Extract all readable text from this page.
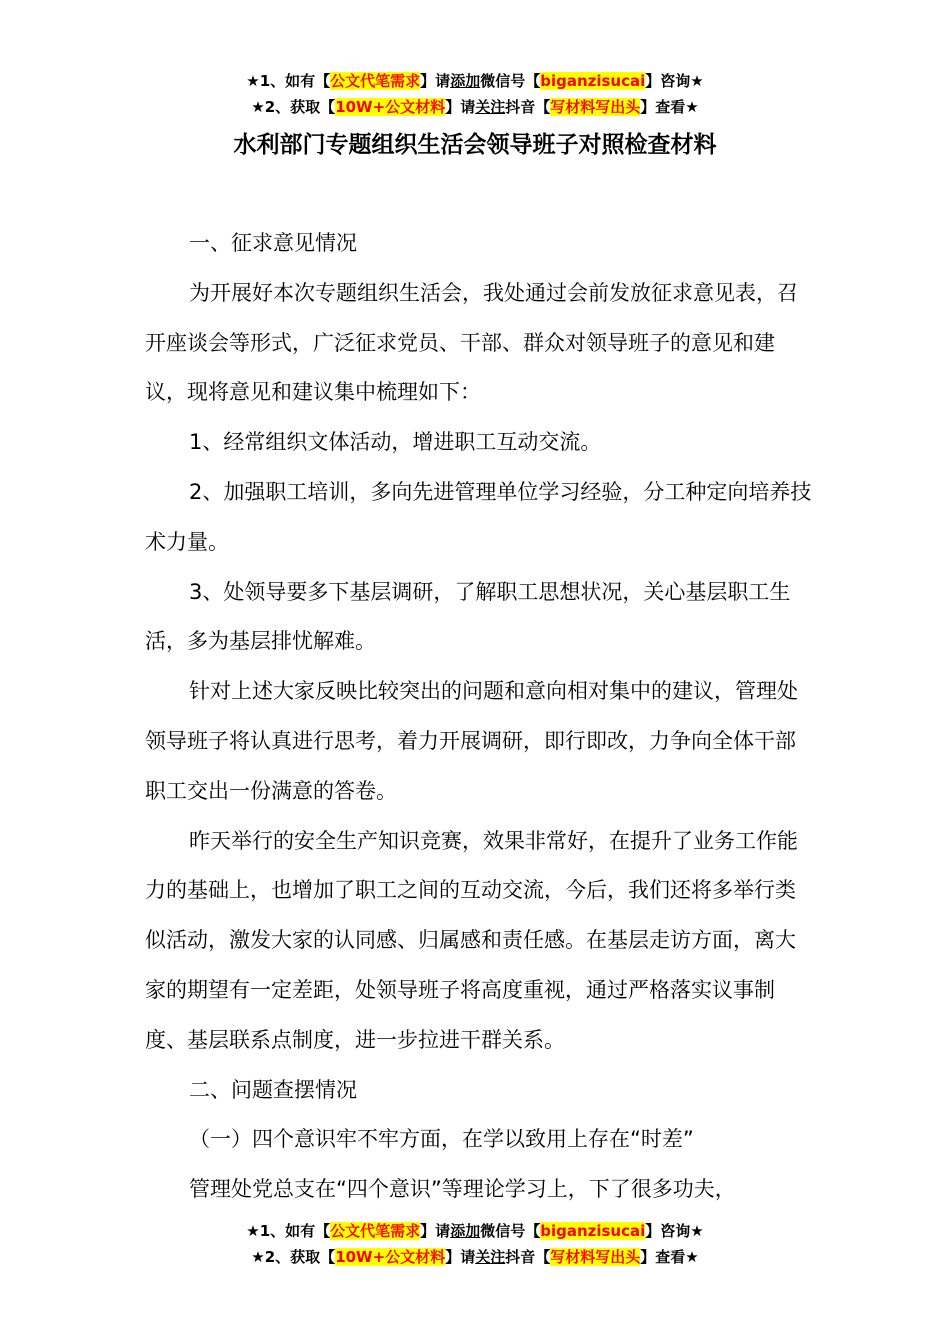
★1、如有【公文代笔需求】请添加微信号【biganzisucai】咨询★
★2、获取【10W+公文材料】请关注抖音【写材料写出头】查看★
水利部门专题组织生活会领导班子对照检查材料

一、征求意见情况

为开展好本次专题组织生活会，我处通过会前发放征求意见表，召开座谈会等形式，广泛征求党员、干部、群众对领导班子的意见和建议，现将意见和建议集中梳理如下：

1、经常组织文体活动，增进职工互动交流。

2、加强职工培训，多向先进管理单位学习经验，分工种定向培养技术力量。

3、处领导要多下基层调研，了解职工思想状况，关心基层职工生活，多为基层排忧解难。

针对上述大家反映比较突出的问题和意向相对集中的建议，管理处领导班子将认真进行思考，着力开展调研，即行即改，力争向全体干部职工交出一份满意的答卷。

昨天举行的安全生产知识竞赛，效果非常好，在提升了业务工作能力的基础上，也增加了职工之间的互动交流，今后，我们还将多举行类似活动，激发大家的认同感、归属感和责任感。在基层走访方面，离大家的期望有一定差距，处领导班子将高度重视，通过严格落实议事制度、基层联系点制度，进一步拉进干群关系。

二、问题查摆情况

（一）四个意识牢不牢方面，在学以致用上存在“时差”

管理处党总支在“四个意识”等理论学习上，下了很多功夫，

★1、如有【公文代笔需求】请添加微信号【biganzisucai】咨询★
★2、获取【10W+公文材料】请关注抖音【写材料写出头】查看★
